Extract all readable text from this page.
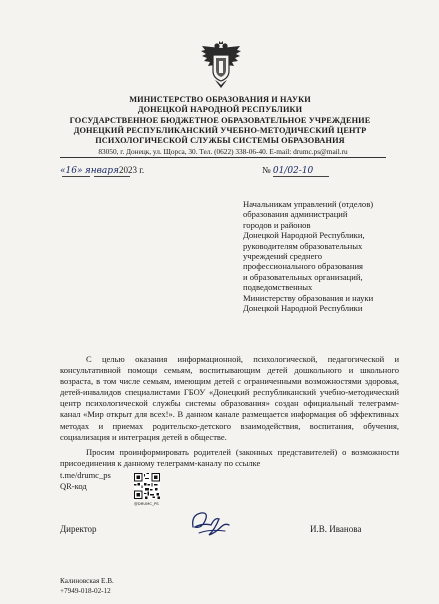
МИНИСТЕРСТВО ОБРАЗОВАНИЯ И НАУКИ
ДОНЕЦКОЙ НАРОДНОЙ РЕСПУБЛИКИ
ГОСУДАРСТВЕННОЕ БЮДЖЕТНОЕ ОБРАЗОВАТЕЛЬНОЕ УЧРЕЖДЕНИЕ
ДОНЕЦКИЙ РЕСПУБЛИКАНСКИЙ УЧЕБНО-МЕТОДИЧЕСКИЙ ЦЕНТР
ПСИХОЛОГИЧЕСКОЙ СЛУЖБЫ СИСТЕМЫ ОБРАЗОВАНИЯ
83050, г. Донецк, ул. Щорса, 30. Тел. (0622) 338-06-40. E-mail: drumc.ps@mail.ru
«16» января2023 г.	№ 01/02-10
Начальникам управлений (отделов)
образования администраций
городов и районов
Донецкой Народной Республики,
руководителям образовательных
учреждений среднего
профессионального образования
и образовательных организаций,
подведомственных
Министерству образования и науки
Донецкой Народной Республики
С целью оказания информационной, психологической, педагогической и консультативной помощи семьям, воспитывающим детей дошкольного и школьного возраста, в том числе семьям, имеющим детей с ограниченными возможностями здоровья, детей-инвалидов специалистами ГБОУ «Донецкий республиканский учебно-методический центр психологической службы системы образования» создан официальный телеграмм-канал «Мир открыт для всех!». В данном канале размещается информация об эффективных методах и приемах родительско-детского взаимодействия, воспитания, обучения, социализация и интеграция детей в обществе.
Просим проинформировать родителей (законных представителей) о возможности присоединения к данному телеграмм-каналу по ссылке
t.me/drumc_ps
QR-код
@DRUMC_PS
Директор	И.В. Иванова
Калиновская Е.В.
+7949-018-02-12
